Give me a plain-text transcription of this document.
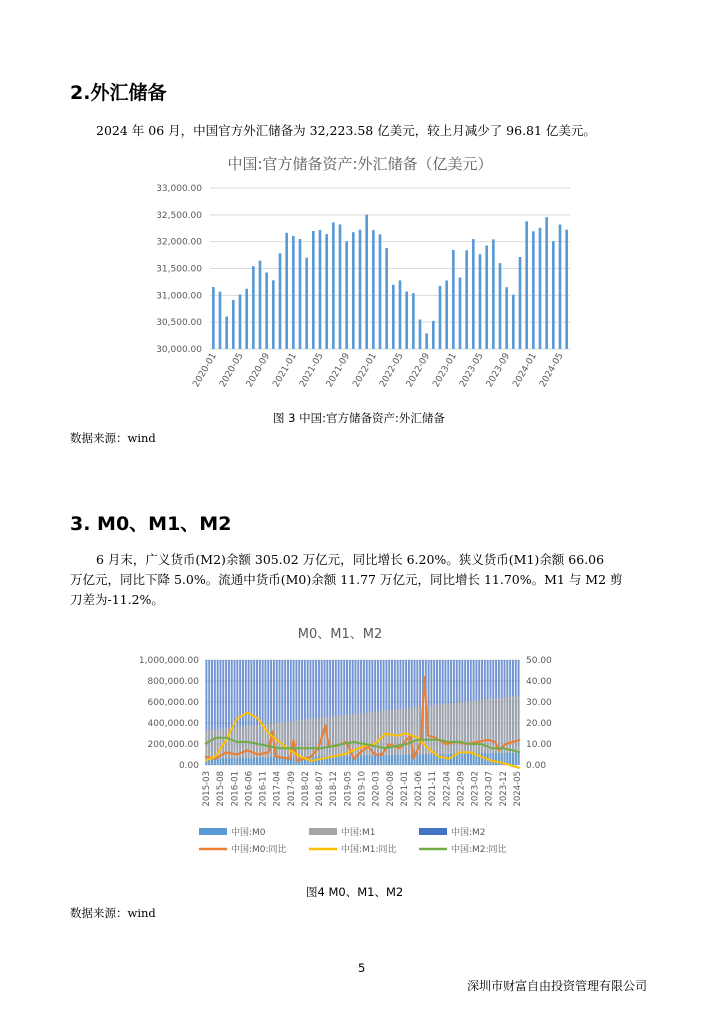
2.外汇储备
2024 年 06 月，中国官方外汇储备为 32,223.58 亿美元，较上月减少了 96.81 亿美元。
中国:官方储备资产:外汇储备（亿美元）
33,000.00
32,500.00
32,000.00
31,500.00
31,000.00
30,500.00
30,000.00
2020-01 2020-05 2020-09 2021-01 2021-05 2021-09 2022-01 2022-05 2022-09 2023-01 2023-05 2023-09 2024-01 2024-05
图 3 中国:官方储备资产:外汇储备
数据来源：wind
3. M0、M1、M2
6 月末，广义货币(M2)余额 305.02 万亿元，同比增长 6.20%。狭义货币(M1)余额 66.06
万亿元，同比下降 5.0%。流通中货币(M0)余额 11.77 万亿元，同比增长 11.70%。M1 与 M2 剪
刀差为-11.2%。
M0、M1、M2
1,000,000.00
800,000.00
600,000.00
400,000.00
200,000.00
0.00
50.00
40.00
30.00
20.00
10.00
0.00
2015-03 2015-08 2016-01 2016-06 2016-11 2017-04 2017-09 2018-02 2018-07 2018-12 2019-05 2019-10 2020-03 2020-08 2021-01 2021-06 2021-11 2022-04 2022-09 2023-02 2023-07 2023-12 2024-05
中国:M0	中国:M1	中国:M2
中国:M0:同比	中国:M1:同比	中国:M2:同比
图4 M0、M1、M2
数据来源：wind
5
深圳市财富自由投资管理有限公司
